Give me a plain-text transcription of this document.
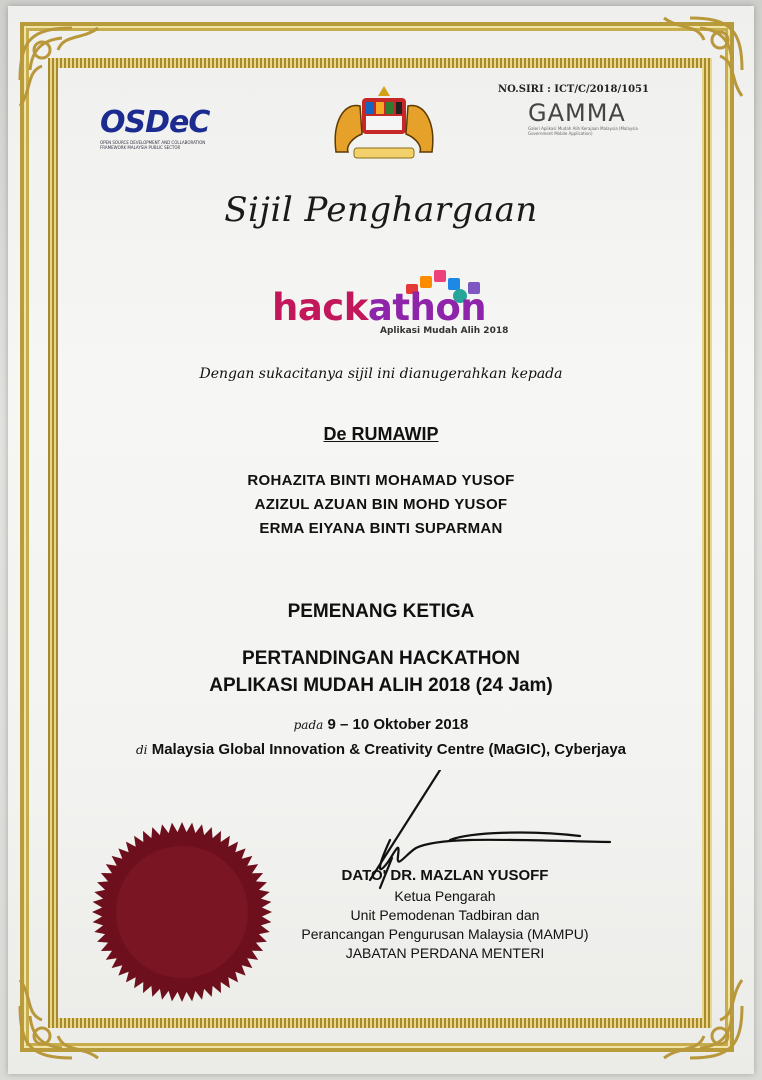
OSDeC
OPEN SOURCE DEVELOPMENT AND COLLABORATION FRAMEWORK MALAYSIA PUBLIC SECTOR
NO.SIRI : ICT/C/2018/1051
GAMMA
Galeri Aplikasi Mudah Alih Kerajaan Malaysia (Malaysia Government Mobile Application)
Sijil Penghargaan
hackathon
Aplikasi Mudah Alih 2018
Dengan sukacitanya sijil ini dianugerahkan kepada
De RUMAWIP
ROHAZITA BINTI MOHAMAD YUSOF
AZIZUL AZUAN BIN MOHD YUSOF
ERMA EIYANA BINTI SUPARMAN
PEMENANG KETIGA
PERTANDINGAN HACKATHON
APLIKASI MUDAH ALIH 2018 (24 Jam)
pada 9 – 10 Oktober 2018
di Malaysia Global Innovation & Creativity Centre (MaGIC), Cyberjaya
DATO' DR. MAZLAN YUSOFF
Ketua Pengarah
Unit Pemodenan Tadbiran dan
Perancangan Pengurusan Malaysia (MAMPU)
JABATAN PERDANA MENTERI
